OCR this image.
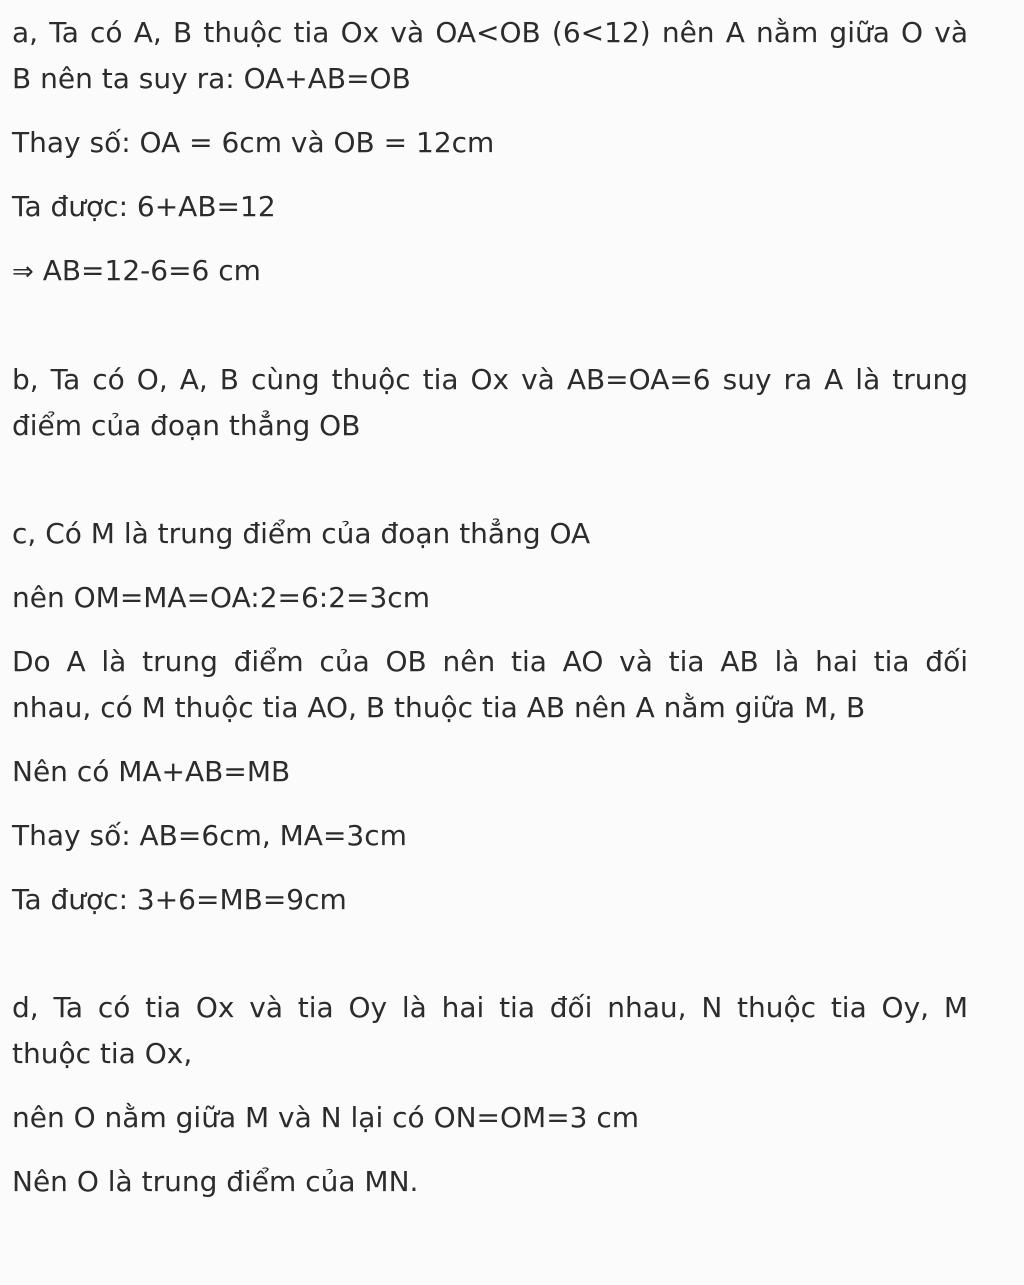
a, Ta có A, B thuộc tia Ox và OA<OB (6<12) nên A nằm giữa O và

B nên ta suy ra: OA+AB=OB

Thay số: OA = 6cm và OB = 12cm

Ta được: 6+AB=12

⇒ AB=12-6=6 cm

b, Ta có O, A, B cùng thuộc tia Ox và AB=OA=6 suy ra A là trung

điểm của đoạn thẳng OB

c, Có M là trung điểm của đoạn thẳng OA

nên OM=MA=OA:2=6:2=3cm

Do A là trung điểm của OB nên tia AO và tia AB là hai tia đối

nhau, có M thuộc tia AO, B thuộc tia AB nên A nằm giữa M, B

Nên có MA+AB=MB

Thay số: AB=6cm, MA=3cm

Ta được: 3+6=MB=9cm

d, Ta có tia Ox và tia Oy là hai tia đối nhau, N thuộc tia Oy, M

thuộc tia Ox,

nên O nằm giữa M và N lại có ON=OM=3 cm

Nên O là trung điểm của MN.
